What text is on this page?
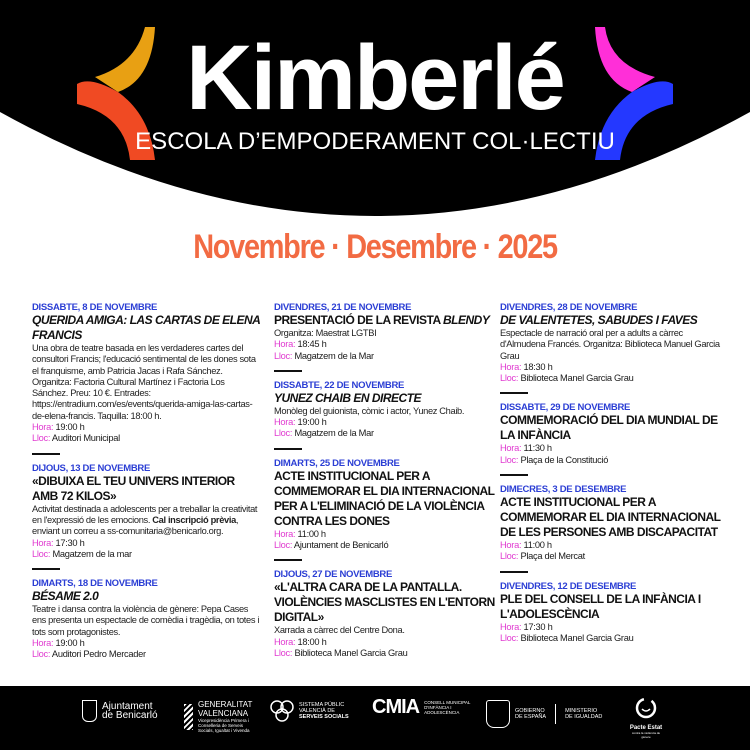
Kimberlé
ESCOLA D’EMPODERAMENT COL·LECTIU
Novembre · Desembre · 2025
DISSABTE, 8 DE NOVEMBRE
QUERIDA AMIGA: LAS CARTAS DE ELENA FRANCIS
Una obra de teatre basada en les verdaderes cartes del consultori Francis; l'educació sentimental de les dones sota el franquisme, amb Patricia Jacas i Rafa Sánchez. Organitza: Factoria Cultural Martínez i Factoria Los Sánchez. Preu: 10 €. Entrades: https://entradium.com/es/events/querida-amiga-las-cartas-de-elena-francis. Taquilla: 18:00 h.
Hora: 19:00 h
Lloc: Auditori Municipal
DIJOUS, 13 DE NOVEMBRE
«DIBUIXA EL TEU UNIVERS INTERIOR AMB 72 KILOS»
Activitat destinada a adolescents per a treballar la creativitat en l'expressió de les emocions. Cal inscripció prèvia, enviant un correu a ss-comunitaria@benicarlo.org.
Hora: 17:30 h
Lloc: Magatzem de la mar
DIMARTS, 18 DE NOVEMBRE
BÉSAME 2.0
Teatre i dansa contra la violència de gènere: Pepa Cases ens presenta un espectacle de comèdia i tragèdia, on totes i tots som protagonistes.
Hora: 19:00 h
Lloc: Auditori Pedro Mercader
DIVENDRES, 21 DE NOVEMBRE
PRESENTACIÓ DE LA REVISTA BLENDY
Organitza: Maestrat LGTBI
Hora: 18:45 h
Lloc: Magatzem de la Mar
DISSABTE, 22 DE NOVEMBRE
YUNEZ CHAIB EN DIRECTE
Monòleg del guionista, còmic i actor, Yunez Chaib.
Hora: 19:00 h
Lloc: Magatzem de la Mar
DIMARTS, 25 DE NOVEMBRE
ACTE INSTITUCIONAL PER A COMMEMORAR EL DIA INTERNACIONAL PER A L'ELIMINACIÓ DE LA VIOLÈNCIA CONTRA LES DONES
Hora: 11:00 h
Lloc: Ajuntament de Benicarló
DIJOUS, 27 DE NOVEMBRE
«L'ALTRA CARA DE LA PANTALLA. VIOLÈNCIES MASCLISTES EN L'ENTORN DIGITAL»
Xarrada a càrrec del Centre Dona.
Hora: 18:00 h
Lloc: Biblioteca Manel Garcia Grau
DIVENDRES, 28 DE NOVEMBRE
DE VALENTETES, SABUDES I FAVES
Espectacle de narració oral per a adults a càrrec d'Almudena Francés. Organitza: Biblioteca Manuel Garcia Grau
Hora: 18:30 h
Lloc: Biblioteca Manel Garcia Grau
DISSABTE, 29 DE NOVEMBRE
COMMEMORACIÓ DEL DIA MUNDIAL DE LA INFÀNCIA
Hora: 11:30 h
Lloc: Plaça de la Constitució
DIMECRES, 3 DE DESEMBRE
ACTE INSTITUCIONAL PER A COMMEMORAR EL DIA INTERNACIONAL DE LES PERSONES AMB DISCAPACITAT
Hora: 11:00 h
Lloc: Plaça del Mercat
DIVENDRES, 12 DE DESEMBRE
PLE DEL CONSELL DE LA INFÀNCIA I L'ADOLESCÈNCIA
Hora: 17:30 h
Lloc: Biblioteca Manel Garcia Grau
Ajuntament
de Benicarló
GENERALITAT
VALENCIANA
Vicepresidència Primera i Conselleria de Serveis Socials, Igualtat i Vivenda
SISTEMA PÚBLIC
VALENCIÀ DE
SERVEIS SOCIALS CMIA CONSELL MUNICIPAL
D'INFÀNCIA I
ADOLESCÈNCIA	GOBIERNO
DE ESPAÑA
MINISTERIO
DE IGUALDAD
Pacte Estat
contra la violència de gènere
